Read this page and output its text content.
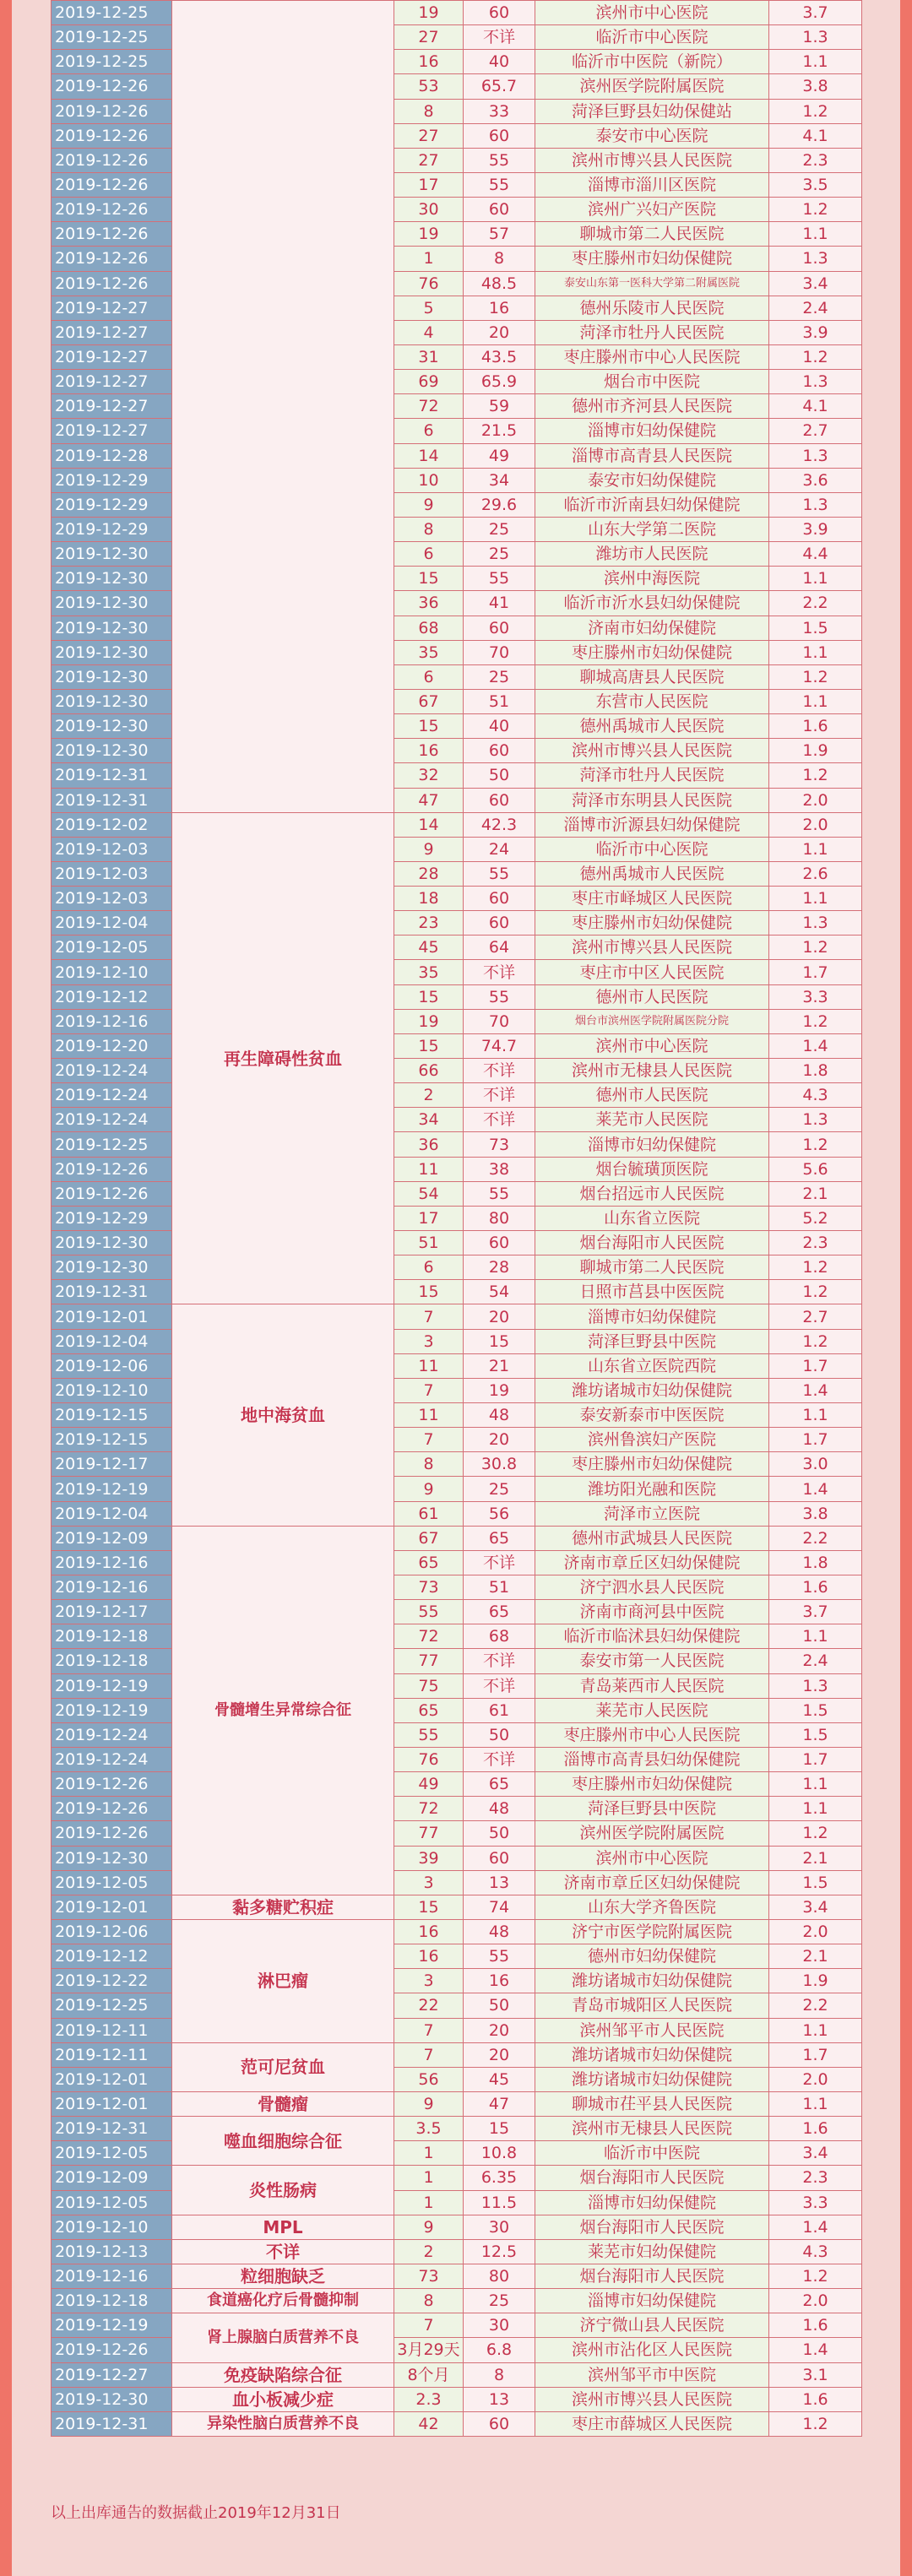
2019-12-25		19	60	滨州市中心医院	3.7
2019-12-25		27	不详	临沂市中心医院	1.3
2019-12-25		16	40	临沂市中医院（新院）	1.1
2019-12-26		53	65.7	滨州医学院附属医院	3.8
2019-12-26		8	33	菏泽巨野县妇幼保健站	1.2
2019-12-26		27	60	泰安市中心医院	4.1
2019-12-26		27	55	滨州市博兴县人民医院	2.3
2019-12-26		17	55	淄博市淄川区医院	3.5
2019-12-26		30	60	滨州广兴妇产医院	1.2
2019-12-26		19	57	聊城市第二人民医院	1.1
2019-12-26		1	8	枣庄滕州市妇幼保健院	1.3
2019-12-26		76	48.5	泰安山东第一医科大学第二附属医院	3.4
2019-12-27		5	16	德州乐陵市人民医院	2.4
2019-12-27		4	20	菏泽市牡丹人民医院	3.9
2019-12-27		31	43.5	枣庄滕州市中心人民医院	1.2
2019-12-27		69	65.9	烟台市中医院	1.3
2019-12-27		72	59	德州市齐河县人民医院	4.1
2019-12-27		6	21.5	淄博市妇幼保健院	2.7
2019-12-28		14	49	淄博市高青县人民医院	1.3
2019-12-29		10	34	泰安市妇幼保健院	3.6
2019-12-29		9	29.6	临沂市沂南县妇幼保健院	1.3
2019-12-29		8	25	山东大学第二医院	3.9
2019-12-30		6	25	潍坊市人民医院	4.4
2019-12-30		15	55	滨州中海医院	1.1
2019-12-30		36	41	临沂市沂水县妇幼保健院	2.2
2019-12-30		68	60	济南市妇幼保健院	1.5
2019-12-30		35	70	枣庄滕州市妇幼保健院	1.1
2019-12-30		6	25	聊城高唐县人民医院	1.2
2019-12-30		67	51	东营市人民医院	1.1
2019-12-30		15	40	德州禹城市人民医院	1.6
2019-12-30		16	60	滨州市博兴县人民医院	1.9
2019-12-31		32	50	菏泽市牡丹人民医院	1.2
2019-12-31		47	60	菏泽市东明县人民医院	2.0
2019-12-02	再生障碍性贫血	14	42.3	淄博市沂源县妇幼保健院	2.0
2019-12-03		9	24	临沂市中心医院	1.1
2019-12-03		28	55	德州禹城市人民医院	2.6
2019-12-03		18	60	枣庄市峄城区人民医院	1.1
2019-12-04		23	60	枣庄滕州市妇幼保健院	1.3
2019-12-05		45	64	滨州市博兴县人民医院	1.2
2019-12-10		35	不详	枣庄市中区人民医院	1.7
2019-12-12		15	55	德州市人民医院	3.3
2019-12-16		19	70	烟台市滨州医学院附属医院分院	1.2
2019-12-20		15	74.7	滨州市中心医院	1.4
2019-12-24		66	不详	滨州市无棣县人民医院	1.8
2019-12-24		2	不详	德州市人民医院	4.3
2019-12-24		34	不详	莱芜市人民医院	1.3
2019-12-25		36	73	淄博市妇幼保健院	1.2
2019-12-26		11	38	烟台毓璜顶医院	5.6
2019-12-26		54	55	烟台招远市人民医院	2.1
2019-12-29		17	80	山东省立医院	5.2
2019-12-30		51	60	烟台海阳市人民医院	2.3
2019-12-30		6	28	聊城市第二人民医院	1.2
2019-12-31		15	54	日照市莒县中医医院	1.2
2019-12-01	地中海贫血	7	20	淄博市妇幼保健院	2.7
2019-12-04		3	15	菏泽巨野县中医院	1.2
2019-12-06		11	21	山东省立医院西院	1.7
2019-12-10		7	19	潍坊诸城市妇幼保健院	1.4
2019-12-15		11	48	泰安新泰市中医医院	1.1
2019-12-15		7	20	滨州鲁滨妇产医院	1.7
2019-12-17		8	30.8	枣庄滕州市妇幼保健院	3.0
2019-12-19		9	25	潍坊阳光融和医院	1.4
2019-12-04		61	56	菏泽市立医院	3.8
2019-12-09	骨髓增生异常综合征	67	65	德州市武城县人民医院	2.2
2019-12-16		65	不详	济南市章丘区妇幼保健院	1.8
2019-12-16		73	51	济宁泗水县人民医院	1.6
2019-12-17		55	65	济南市商河县中医院	3.7
2019-12-18		72	68	临沂市临沭县妇幼保健院	1.1
2019-12-18		77	不详	泰安市第一人民医院	2.4
2019-12-19		75	不详	青岛莱西市人民医院	1.3
2019-12-19		65	61	莱芜市人民医院	1.5
2019-12-24		55	50	枣庄滕州市中心人民医院	1.5
2019-12-24		76	不详	淄博市高青县妇幼保健院	1.7
2019-12-26		49	65	枣庄滕州市妇幼保健院	1.1
2019-12-26		72	48	菏泽巨野县中医院	1.1
2019-12-26		77	50	滨州医学院附属医院	1.2
2019-12-30		39	60	滨州市中心医院	2.1
2019-12-05		3	13	济南市章丘区妇幼保健院	1.5
2019-12-01	黏多糖贮积症	15	74	山东大学齐鲁医院	3.4
2019-12-06	淋巴瘤	16	48	济宁市医学院附属医院	2.0
2019-12-12		16	55	德州市妇幼保健院	2.1
2019-12-22		3	16	潍坊诸城市妇幼保健院	1.9
2019-12-25		22	50	青岛市城阳区人民医院	2.2
2019-12-11		7	20	滨州邹平市人民医院	1.1
2019-12-11	范可尼贫血	7	20	潍坊诸城市妇幼保健院	1.7
2019-12-01		56	45	潍坊诸城市妇幼保健院	2.0
2019-12-01	骨髓瘤	9	47	聊城市茌平县人民医院	1.1
2019-12-31	噬血细胞综合征	3.5	15	滨州市无棣县人民医院	1.6
2019-12-05		1	10.8	临沂市中医院	3.4
2019-12-09	炎性肠病	1	6.35	烟台海阳市人民医院	2.3
2019-12-05		1	11.5	淄博市妇幼保健院	3.3
2019-12-10	MPL	9	30	烟台海阳市人民医院	1.4
2019-12-13	不详	2	12.5	莱芜市妇幼保健院	4.3
2019-12-16	粒细胞缺乏	73	80	烟台海阳市人民医院	1.2
2019-12-18	食道癌化疗后骨髓抑制	8	25	淄博市妇幼保健院	2.0
2019-12-19	肾上腺脑白质营养不良	7	30	济宁微山县人民医院	1.6
2019-12-26		3月29天	6.8	滨州市沾化区人民医院	1.4
2019-12-27	免疫缺陷综合征	8个月	8	滨州邹平市中医院	3.1
2019-12-30	血小板减少症	2.3	13	滨州市博兴县人民医院	1.6
2019-12-31	异染性脑白质营养不良	42	60	枣庄市薛城区人民医院	1.2
以上出库通告的数据截止2019年12月31日
